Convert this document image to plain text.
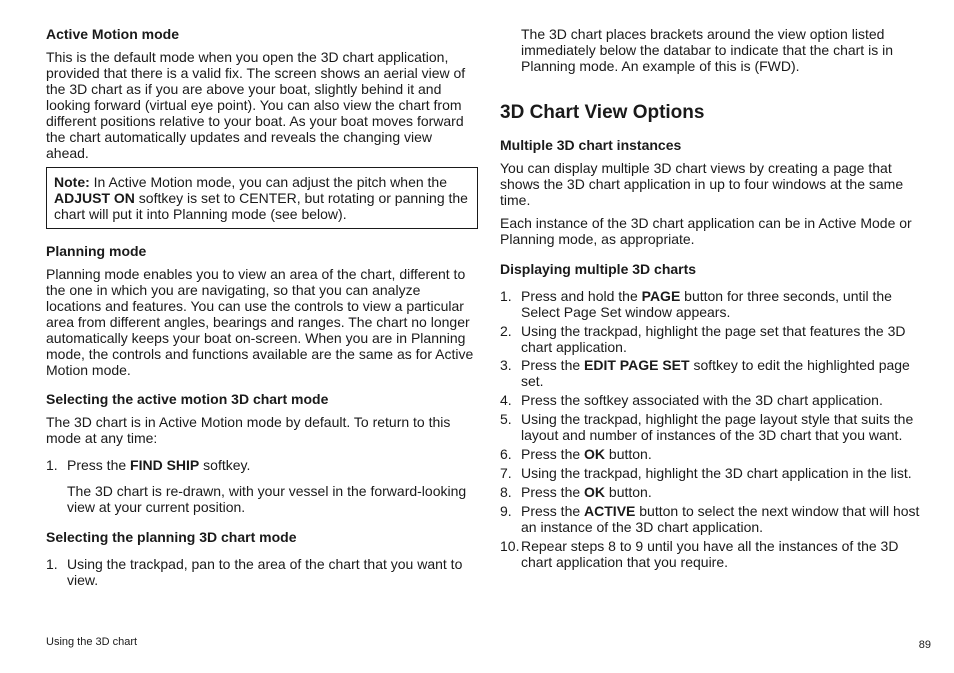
Active Motion mode

This is the default mode when you open the 3D chart application, provided that there is a valid fix. The screen shows an aerial view of the 3D chart as if you are above your boat, slightly behind it and looking forward (virtual eye point). You can also view the chart from different positions relative to your boat. As your boat moves forward the chart automatically updates and reveals the changing view ahead.

Note: In Active Motion mode, you can adjust the pitch when the ADJUST ON softkey is set to CENTER, but rotating or panning the chart will put it into Planning mode (see below).

Planning mode

Planning mode enables you to view an area of the chart, different to the one in which you are navigating, so that you can analyze locations and features. You can use the controls to view a particular area from different angles, bearings and ranges. The chart no longer automatically keeps your boat on-screen. When you are in Planning mode, the controls and functions available are the same as for Active Motion mode.

Selecting the active motion 3D chart mode

The 3D chart is in Active Motion mode by default. To return to this mode at any time:

1. Press the FIND SHIP softkey.

The 3D chart is re-drawn, with your vessel in the forward-looking view at your current position.

Selecting the planning 3D chart mode
1. Using the trackpad, pan to the area of the chart that you want to view.

The 3D chart places brackets around the view option listed immediately below the databar to indicate that the chart is in Planning mode. An example of this is (FWD).

3D Chart View Options
Multiple 3D chart instances

You can display multiple 3D chart views by creating a page that shows the 3D chart application in up to four windows at the same time.

Each instance of the 3D chart application can be in Active Mode or Planning mode, as appropriate.

Displaying multiple 3D charts
1. Press and hold the PAGE button for three seconds, until the Select Page Set window appears.
2. Using the trackpad, highlight the page set that features the 3D chart application.
3. Press the EDIT PAGE SET softkey to edit the highlighted page set.
4. Press the softkey associated with the 3D chart application.
5. Using the trackpad, highlight the page layout style that suits the layout and number of instances of the 3D chart that you want.
6. Press the OK button.
7. Using the trackpad, highlight the 3D chart application in the list.
8. Press the OK button.
9. Press the ACTIVE button to select the next window that will host an instance of the 3D chart application.
10. Repear steps 8 to 9 until you have all the instances of the 3D chart application that you require.
Using the 3D chart	89
